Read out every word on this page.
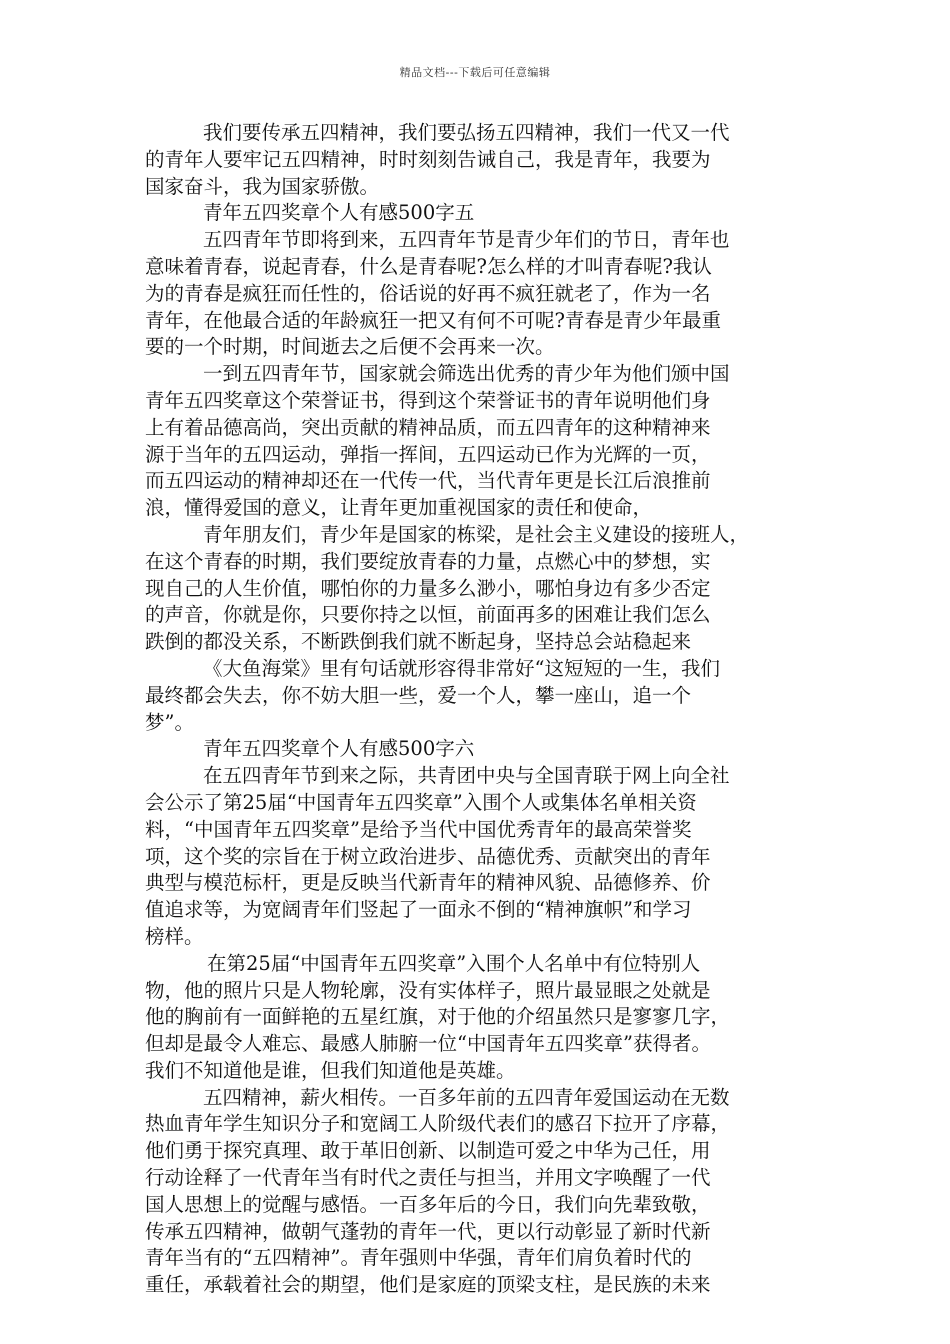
精品文档---下载后可任意编辑
我们要传承五四精神，我们要弘扬五四精神，我们一代又一代
的青年人要牢记五四精神，时时刻刻告诫自己，我是青年，我要为
国家奋斗，我为国家骄傲。
青年五四奖章个人有感500字五
五四青年节即将到来，五四青年节是青少年们的节日，青年也
意味着青春，说起青春，什么是青春呢?怎么样的才叫青春呢?我认
为的青春是疯狂而任性的，俗话说的好再不疯狂就老了，作为一名
青年，在他最合适的年龄疯狂一把又有何不可呢?青春是青少年最重
要的一个时期，时间逝去之后便不会再来一次。
一到五四青年节，国家就会筛选出优秀的青少年为他们颁中国
青年五四奖章这个荣誉证书，得到这个荣誉证书的青年说明他们身
上有着品德高尚，突出贡献的精神品质，而五四青年的这种精神来
源于当年的五四运动，弹指一挥间，五四运动已作为光辉的一页，
而五四运动的精神却还在一代传一代，当代青年更是长江后浪推前
浪，懂得爱国的意义，让青年更加重视国家的责任和使命，
青年朋友们，青少年是国家的栋梁，是社会主义建设的接班人，
在这个青春的时期，我们要绽放青春的力量，点燃心中的梦想，实
现自己的人生价值，哪怕你的力量多么渺小，哪怕身边有多少否定
的声音，你就是你，只要你持之以恒，前面再多的困难让我们怎么
跌倒的都没关系，不断跌倒我们就不断起身，坚持总会站稳起来
《大鱼海棠》里有句话就形容得非常好“这短短的一生，我们
最终都会失去，你不妨大胆一些，爱一个人，攀一座山，追一个
梦”。
青年五四奖章个人有感500字六
在五四青年节到来之际，共青团中央与全国青联于网上向全社
会公示了第25届“中国青年五四奖章”入围个人或集体名单相关资
料，“中国青年五四奖章”是给予当代中国优秀青年的最高荣誉奖
项，这个奖的宗旨在于树立政治进步、品德优秀、贡献突出的青年
典型与模范标杆，更是反映当代新青年的精神风貌、品德修养、价
值追求等，为宽阔青年们竖起了一面永不倒的“精神旗帜”和学习
榜样。
在第25届“中国青年五四奖章”入围个人名单中有位特别人
物，他的照片只是人物轮廓，没有实体样子，照片最显眼之处就是
他的胸前有一面鲜艳的五星红旗，对于他的介绍虽然只是寥寥几字，
但却是最令人难忘、最感人肺腑一位“中国青年五四奖章”获得者。
我们不知道他是谁，但我们知道他是英雄。
五四精神，薪火相传。一百多年前的五四青年爱国运动在无数
热血青年学生知识分子和宽阔工人阶级代表们的感召下拉开了序幕，
他们勇于探究真理、敢于革旧创新、以制造可爱之中华为己任，用
行动诠释了一代青年当有时代之责任与担当，并用文字唤醒了一代
国人思想上的觉醒与感悟。一百多年后的今日，我们向先辈致敬，
传承五四精神，做朝气蓬勃的青年一代，更以行动彰显了新时代新
青年当有的“五四精神”。青年强则中华强，青年们肩负着时代的
重任，承载着社会的期望，他们是家庭的顶梁支柱，是民族的未来
